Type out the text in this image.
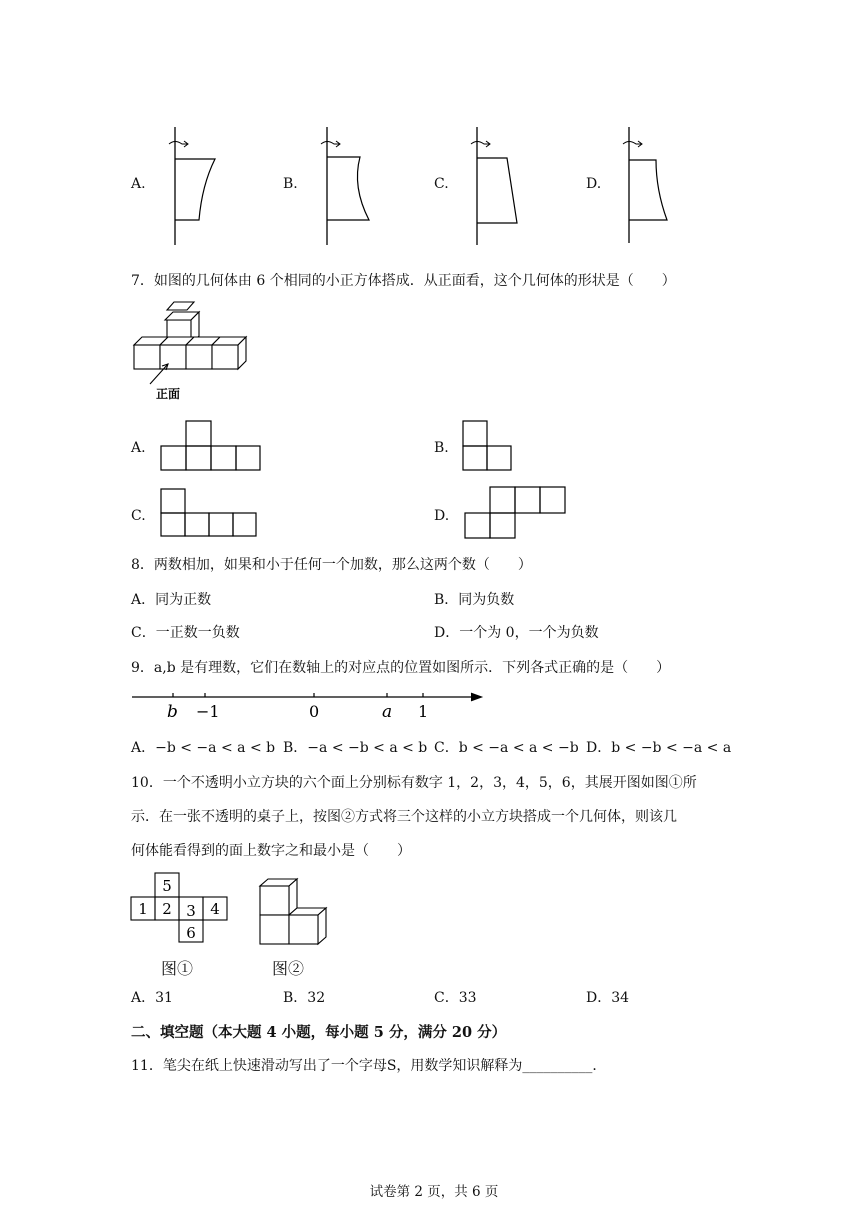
A.	B.	C.	D.
7．如图的几何体由 6 个相同的小正方体搭成．从正面看，这个几何体的形状是（　　）
正面
A.	B.
C.	D.
8．两数相加，如果和小于任何一个加数，那么这两个数（　　）
A．同为正数	B．同为负数
C．一正数一负数	D．一个为 0，一个为负数
9．a,b 是有理数，它们在数轴上的对应点的位置如图所示．下列各式正确的是（　　）
b −1	0	a 1
A．−b < −a < a < b B．−a < −b < a < b C．b < −a < a < −b D．b < −b < −a < a
10．一个不透明小立方块的六个面上分别标有数字 1，2，3，4，5，6，其展开图如图①所
示．在一张不透明的桌子上，按图②方式将三个这样的小立方块搭成一个几何体，则该几
何体能看得到的面上数字之和最小是（　　）
5
1 2 3 4
6
图①	图②
A．31	B．32	C．33	D．34
二、填空题（本大题 4 小题，每小题 5 分，满分 20 分）
11．笔尖在纸上快速滑动写出了一个字母S，用数学知识解释为__________．
试卷第 2 页，共 6 页
